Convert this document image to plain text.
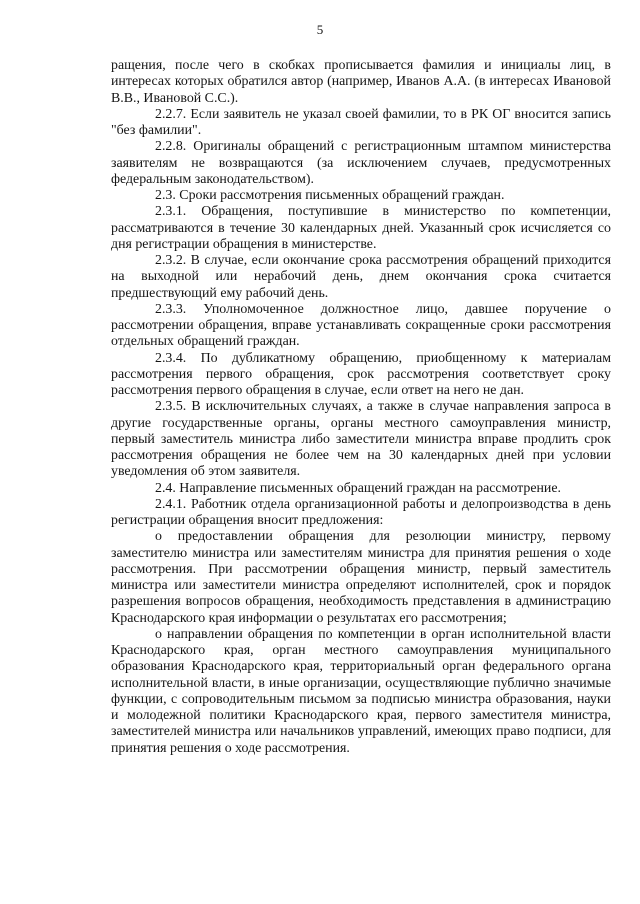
5

ращения, после чего в скобках прописывается фамилия и инициалы лиц, в интересах которых обратился автор (например, Иванов А.А. (в интересах Ивановой В.В., Ивановой С.С.).

2.2.7. Если заявитель не указал своей фамилии, то в РК ОГ вносится запись "без фамилии".

2.2.8. Оригиналы обращений с регистрационным штампом министерства заявителям не возвращаются (за исключением случаев, предусмотренных федеральным законодательством).

2.3. Сроки рассмотрения письменных обращений граждан.

2.3.1. Обращения, поступившие в министерство по компетенции, рассматриваются в течение 30 календарных дней. Указанный срок исчисляется со дня регистрации обращения в министерстве.

2.3.2. В случае, если окончание срока рассмотрения обращений приходится на выходной или нерабочий день, днем окончания срока считается предшествующий ему рабочий день.

2.3.3. Уполномоченное должностное лицо, давшее поручение о рассмотрении обращения, вправе устанавливать сокращенные сроки рассмотрения отдельных обращений граждан.

2.3.4. По дубликатному обращению, приобщенному к материалам рассмотрения первого обращения, срок рассмотрения соответствует сроку рассмотрения первого обращения в случае, если ответ на него не дан.

2.3.5. В исключительных случаях, а также в случае направления запроса в другие государственные органы, органы местного самоуправления министр, первый заместитель министра либо заместители министра вправе продлить срок рассмотрения обращения не более чем на 30 календарных дней при условии уведомления об этом заявителя.

2.4. Направление письменных обращений граждан на рассмотрение.

2.4.1. Работник отдела организационной работы и делопроизводства в день регистрации обращения вносит предложения:

о предоставлении обращения для резолюции министру, первому заместителю министра или заместителям министра для принятия решения о ходе рассмотрения. При рассмотрении обращения министр, первый заместитель министра или заместители министра определяют исполнителей, срок и порядок разрешения вопросов обращения, необходимость представления в администрацию Краснодарского края информации о результатах его рассмотрения;

о направлении обращения по компетенции в орган исполнительной власти Краснодарского края, орган местного самоуправления муниципального образования Краснодарского края, территориальный орган федерального органа исполнительной власти, в иные организации, осуществляющие публично значимые функции, с сопроводительным письмом за подписью министра образования, науки и молодежной политики Краснодарского края, первого заместителя министра, заместителей министра или начальников управлений, имеющих право подписи, для принятия решения о ходе рассмотрения.
